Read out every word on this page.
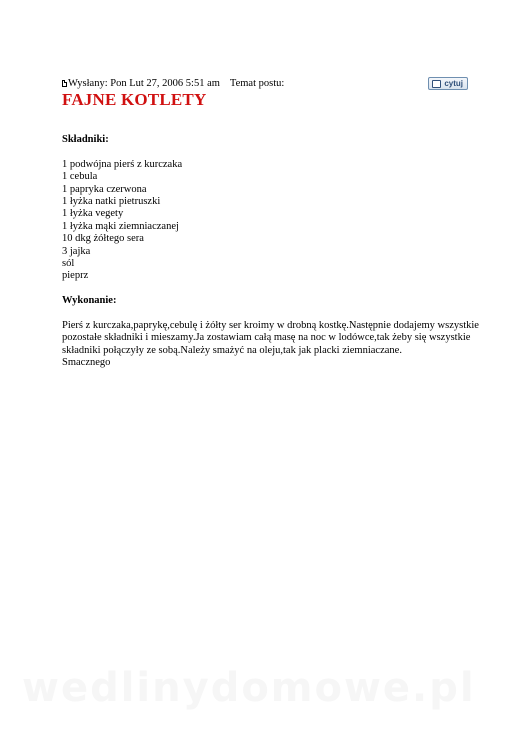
Wysłany: Pon Lut 27, 2006 5:51 am Temat postu:	cytuj
FAJNE KOTLETY

Składniki:

1 podwójna pierś z kurczaka
1 cebula
1 papryka czerwona
1 łyżka natki pietruszki
1 łyżka vegety
1 łyżka mąki ziemniaczanej
10 dkg żółtego sera
3 jajka
sól
pieprz

Wykonanie:

Pierś z kurczaka,paprykę,cebulę i żółty ser kroimy w drobną kostkę.Następnie dodajemy wszystkie pozostałe składniki i mieszamy.Ja zostawiam całą masę na noc w lodówce,tak żeby się wszystkie składniki połączyły ze sobą.Należy smażyć na oleju,tak jak placki ziemniaczane.

Smacznego

wedlinydomowe.pl
